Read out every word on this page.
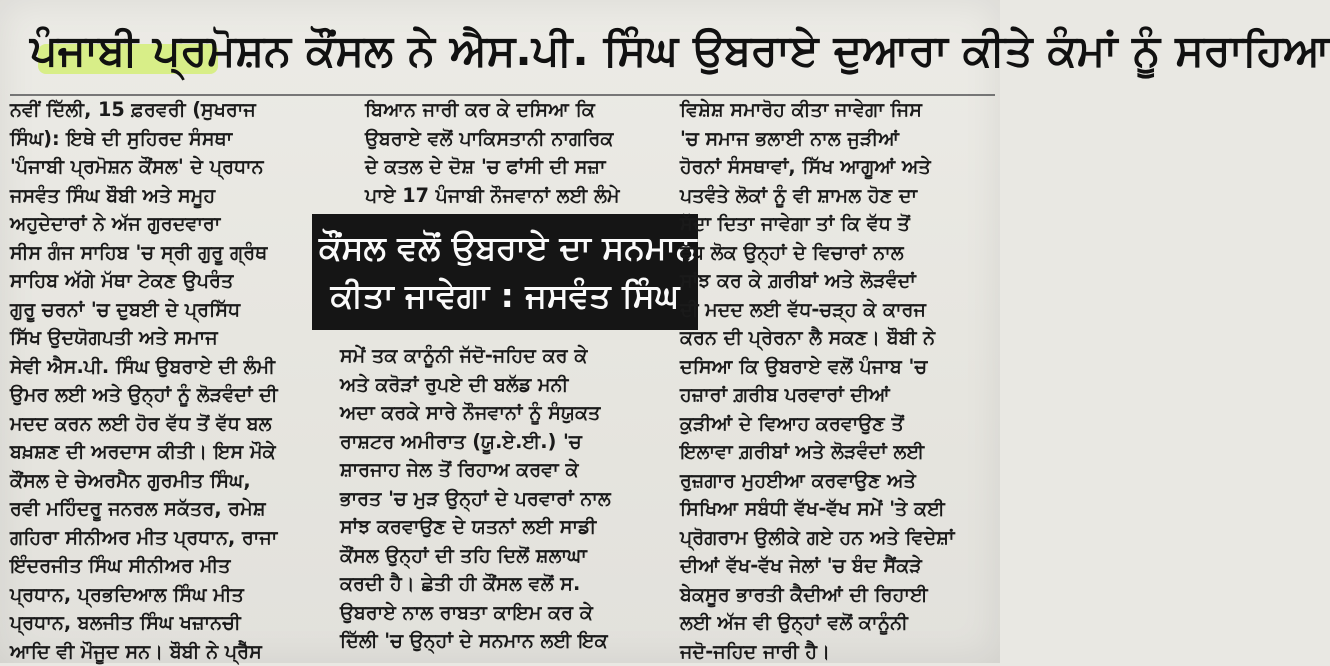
ਪੰਜਾਬੀ ਪ੍ਰਮੋਸ਼ਨ ਕੌਂਸਲ ਨੇ ਐਸ.ਪੀ. ਸਿੰਘ ਉਬਰਾਏ ਦੁਆਰਾ ਕੀਤੇ ਕੰਮਾਂ ਨੂੰ ਸਰਾਹਿਆ
ਨਵੀਂ ਦਿੱਲੀ, 15 ਫ਼ਰਵਰੀ (ਸੁਖਰਾਜ
ਸਿੰਘ): ਇਥੇ ਦੀ ਸੁਹਿਰਦ ਸੰਸਥਾ
'ਪੰਜਾਬੀ ਪ੍ਰਮੋਸ਼ਨ ਕੌਂਸਲ' ਦੇ ਪ੍ਰਧਾਨ
ਜਸਵੰਤ ਸਿੰਘ ਬੌਬੀ ਅਤੇ ਸਮੂਹ
ਅਹੁਦੇਦਾਰਾਂ ਨੇ ਅੱਜ ਗੁਰਦਵਾਰਾ
ਸੀਸ ਗੰਜ ਸਾਹਿਬ 'ਚ ਸ੍ਰੀ ਗੁਰੂ ਗ੍ਰੰਥ
ਸਾਹਿਬ ਅੱਗੇ ਮੱਥਾ ਟੇਕਣ ਉਪਰੰਤ
ਗੁਰੂ ਚਰਨਾਂ 'ਚ ਦੁਬਈ ਦੇ ਪ੍ਰਸਿੱਧ
ਸਿੱਖ ਉਦਯੋਗਪਤੀ ਅਤੇ ਸਮਾਜ
ਸੇਵੀ ਐਸ.ਪੀ. ਸਿੰਘ ਉਬਰਾਏ ਦੀ ਲੰਮੀ
ਉਮਰ ਲਈ ਅਤੇ ਉਨ੍ਹਾਂ ਨੂੰ ਲੋੜਵੰਦਾਂ ਦੀ
ਮਦਦ ਕਰਨ ਲਈ ਹੋਰ ਵੱਧ ਤੋਂ ਵੱਧ ਬਲ
ਬਖ਼ਸ਼ਣ ਦੀ ਅਰਦਾਸ ਕੀਤੀ। ਇਸ ਮੌਕੇ
ਕੌਂਸਲ ਦੇ ਚੇਅਰਮੈਨ ਗੁਰਮੀਤ ਸਿੰਘ,
ਰਵੀ ਮਹਿੰਦਰੂ ਜਨਰਲ ਸਕੱਤਰ, ਰਮੇਸ਼
ਗਹਿਰਾ ਸੀਨੀਅਰ ਮੀਤ ਪ੍ਰਧਾਨ, ਰਾਜਾ
ਇੰਦਰਜੀਤ ਸਿੰਘ ਸੀਨੀਅਰ ਮੀਤ
ਪ੍ਰਧਾਨ, ਪ੍ਰਭਦਿਆਲ ਸਿੰਘ ਮੀਤ
ਪ੍ਰਧਾਨ, ਬਲਜੀਤ ਸਿੰਘ ਖਜ਼ਾਨਚੀ
ਆਦਿ ਵੀ ਮੌਜੂਦ ਸਨ। ਬੌਬੀ ਨੇ ਪ੍ਰੈੱਸ
ਬਿਆਨ ਜਾਰੀ ਕਰ ਕੇ ਦਸਿਆ ਕਿ
ਉਬਰਾਏ ਵਲੋਂ ਪਾਕਿਸਤਾਨੀ ਨਾਗਰਿਕ
ਦੇ ਕਤਲ ਦੇ ਦੋਸ਼ 'ਚ ਫਾਂਸੀ ਦੀ ਸਜ਼ਾ
ਪਾਏ 17 ਪੰਜਾਬੀ ਨੌਜਵਾਨਾਂ ਲਈ ਲੰਮੇ
ਕੌਂਸਲ ਵਲੋਂ ਉਬਰਾਏ ਦਾ ਸਨਮਾਨ
ਕੀਤਾ ਜਾਵੇਗਾ : ਜਸਵੰਤ ਸਿੰਘ
ਸਮੇਂ ਤਕ ਕਾਨੂੰਨੀ ਜੱਦੋ-ਜਹਿਦ ਕਰ ਕੇ
ਅਤੇ ਕਰੋੜਾਂ ਰੁਪਏ ਦੀ ਬਲੱਡ ਮਨੀ
ਅਦਾ ਕਰਕੇ ਸਾਰੇ ਨੌਜਵਾਨਾਂ ਨੂੰ ਸੰਯੁਕਤ
ਰਾਸ਼ਟਰ ਅਮੀਰਾਤ (ਯੂ.ਏ.ਈ.) 'ਚ
ਸ਼ਾਰਜਾਹ ਜੇਲ ਤੋਂ ਰਿਹਾਅ ਕਰਵਾ ਕੇ
ਭਾਰਤ 'ਚ ਮੁੜ ਉਨ੍ਹਾਂ ਦੇ ਪਰਵਾਰਾਂ ਨਾਲ
ਸਾਂਝ ਕਰਵਾਉਣ ਦੇ ਯਤਨਾਂ ਲਈ ਸਾਡੀ
ਕੌਂਸਲ ਉਨ੍ਹਾਂ ਦੀ ਤਹਿ ਦਿਲੋਂ ਸ਼ਲਾਘਾ
ਕਰਦੀ ਹੈ। ਛੇਤੀ ਹੀ ਕੌਂਸਲ ਵਲੋਂ ਸ.
ਉਬਰਾਏ ਨਾਲ ਰਾਬਤਾ ਕਾਇਮ ਕਰ ਕੇ
ਦਿੱਲੀ 'ਚ ਉਨ੍ਹਾਂ ਦੇ ਸਨਮਾਨ ਲਈ ਇਕ
ਵਿਸ਼ੇਸ਼ ਸਮਾਰੋਹ ਕੀਤਾ ਜਾਵੇਗਾ ਜਿਸ
'ਚ ਸਮਾਜ ਭਲਾਈ ਨਾਲ ਜੁੜੀਆਂ
ਹੋਰਨਾਂ ਸੰਸਥਾਵਾਂ, ਸਿੱਖ ਆਗੂਆਂ ਅਤੇ
ਪਤਵੰਤੇ ਲੋਕਾਂ ਨੂੰ ਵੀ ਸ਼ਾਮਲ ਹੋਣ ਦਾ
ਸੱਦਾ ਦਿਤਾ ਜਾਵੇਗਾ ਤਾਂ ਕਿ ਵੱਧ ਤੋਂ
ਵੱਧ ਲੋਕ ਉਨ੍ਹਾਂ ਦੇ ਵਿਚਾਰਾਂ ਨਾਲ
ਸਾਂਝ ਕਰ ਕੇ ਗ਼ਰੀਬਾਂ ਅਤੇ ਲੋੜਵੰਦਾਂ
ਦੀ ਮਦਦ ਲਈ ਵੱਧ-ਚੜ੍ਹ ਕੇ ਕਾਰਜ
ਕਰਨ ਦੀ ਪ੍ਰੇਰਨਾ ਲੈ ਸਕਣ। ਬੌਬੀ ਨੇ
ਦਸਿਆ ਕਿ ਉਬਰਾਏ ਵਲੋਂ ਪੰਜਾਬ 'ਚ
ਹਜ਼ਾਰਾਂ ਗ਼ਰੀਬ ਪਰਵਾਰਾਂ ਦੀਆਂ
ਕੁੜੀਆਂ ਦੇ ਵਿਆਹ ਕਰਵਾਉਣ ਤੋਂ
ਇਲਾਵਾ ਗ਼ਰੀਬਾਂ ਅਤੇ ਲੋੜਵੰਦਾਂ ਲਈ
ਰੁਜ਼ਗਾਰ ਮੁਹਈਆ ਕਰਵਾਉਣ ਅਤੇ
ਸਿਖਿਆ ਸਬੰਧੀ ਵੱਖ-ਵੱਖ ਸਮੇਂ 'ਤੇ ਕਈ
ਪ੍ਰੋਗਰਾਮ ਉਲੀਕੇ ਗਏ ਹਨ ਅਤੇ ਵਿਦੇਸ਼ਾਂ
ਦੀਆਂ ਵੱਖ-ਵੱਖ ਜੇਲਾਂ 'ਚ ਬੰਦ ਸੈਂਕੜੇ
ਬੇਕਸੂਰ ਭਾਰਤੀ ਕੈਦੀਆਂ ਦੀ ਰਿਹਾਈ
ਲਈ ਅੱਜ ਵੀ ਉਨ੍ਹਾਂ ਵਲੋਂ ਕਾਨੂੰਨੀ
ਜਦੋ-ਜਹਿਦ ਜਾਰੀ ਹੈ।
